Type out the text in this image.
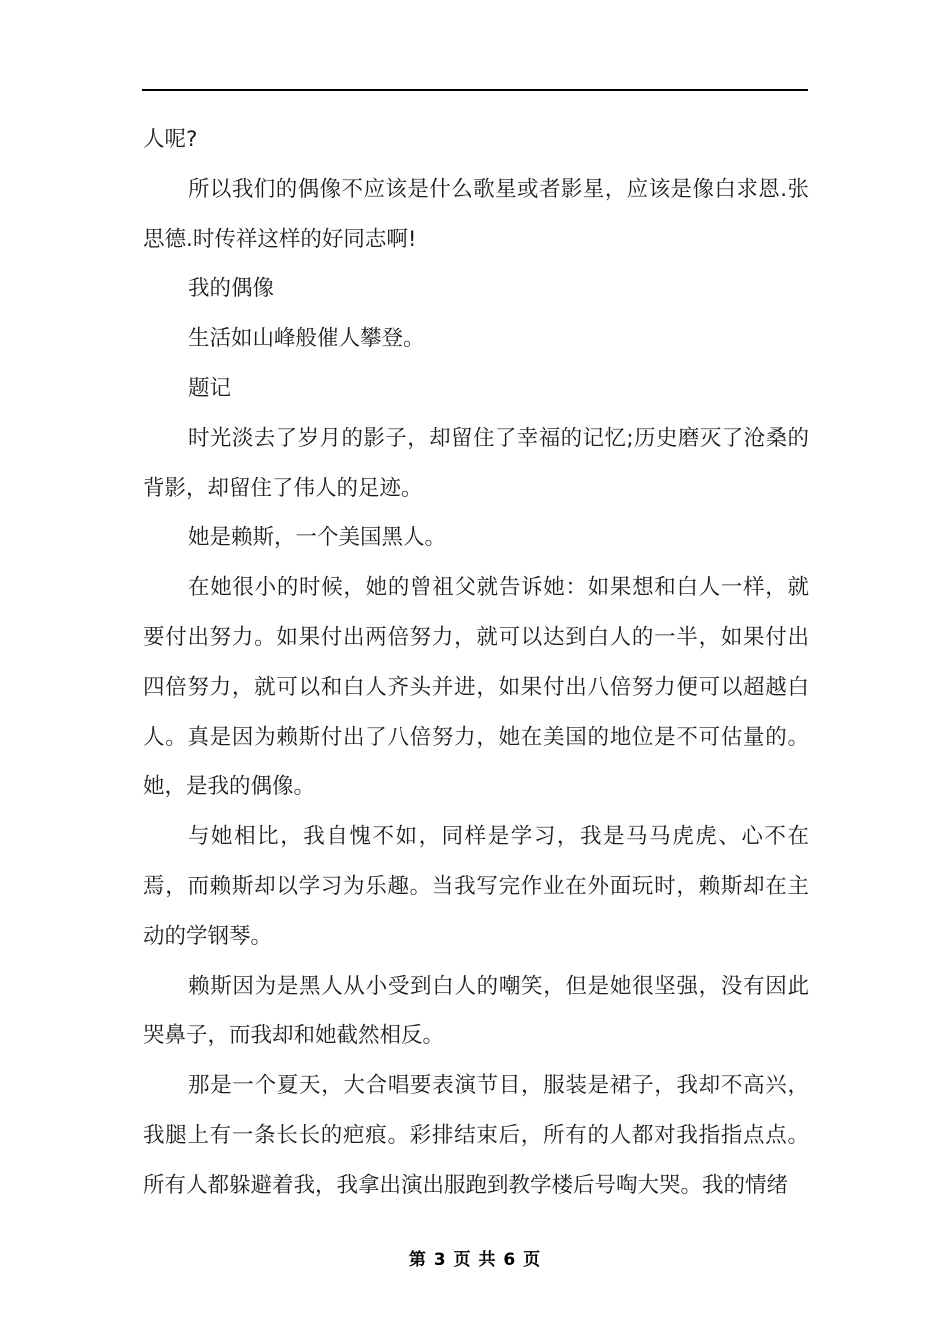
人呢?

所以我们的偶像不应该是什么歌星或者影星，应该是像白求恩.张思德.时传祥这样的好同志啊!

我的偶像

生活如山峰般催人攀登。

题记

时光淡去了岁月的影子，却留住了幸福的记忆;历史磨灭了沧桑的背影，却留住了伟人的足迹。

她是赖斯，一个美国黑人。

在她很小的时候，她的曾祖父就告诉她：如果想和白人一样，就要付出努力。如果付出两倍努力，就可以达到白人的一半，如果付出四倍努力，就可以和白人齐头并进，如果付出八倍努力便可以超越白人。真是因为赖斯付出了八倍努力，她在美国的地位是不可估量的。她，是我的偶像。

与她相比，我自愧不如，同样是学习，我是马马虎虎、心不在焉，而赖斯却以学习为乐趣。当我写完作业在外面玩时，赖斯却在主动的学钢琴。

赖斯因为是黑人从小受到白人的嘲笑，但是她很坚强，没有因此哭鼻子，而我却和她截然相反。

那是一个夏天，大合唱要表演节目，服装是裙子，我却不高兴，我腿上有一条长长的疤痕。彩排结束后，所有的人都对我指指点点。所有人都躲避着我，我拿出演出服跑到教学楼后号啕大哭。我的情绪

第 3 页 共 6 页
